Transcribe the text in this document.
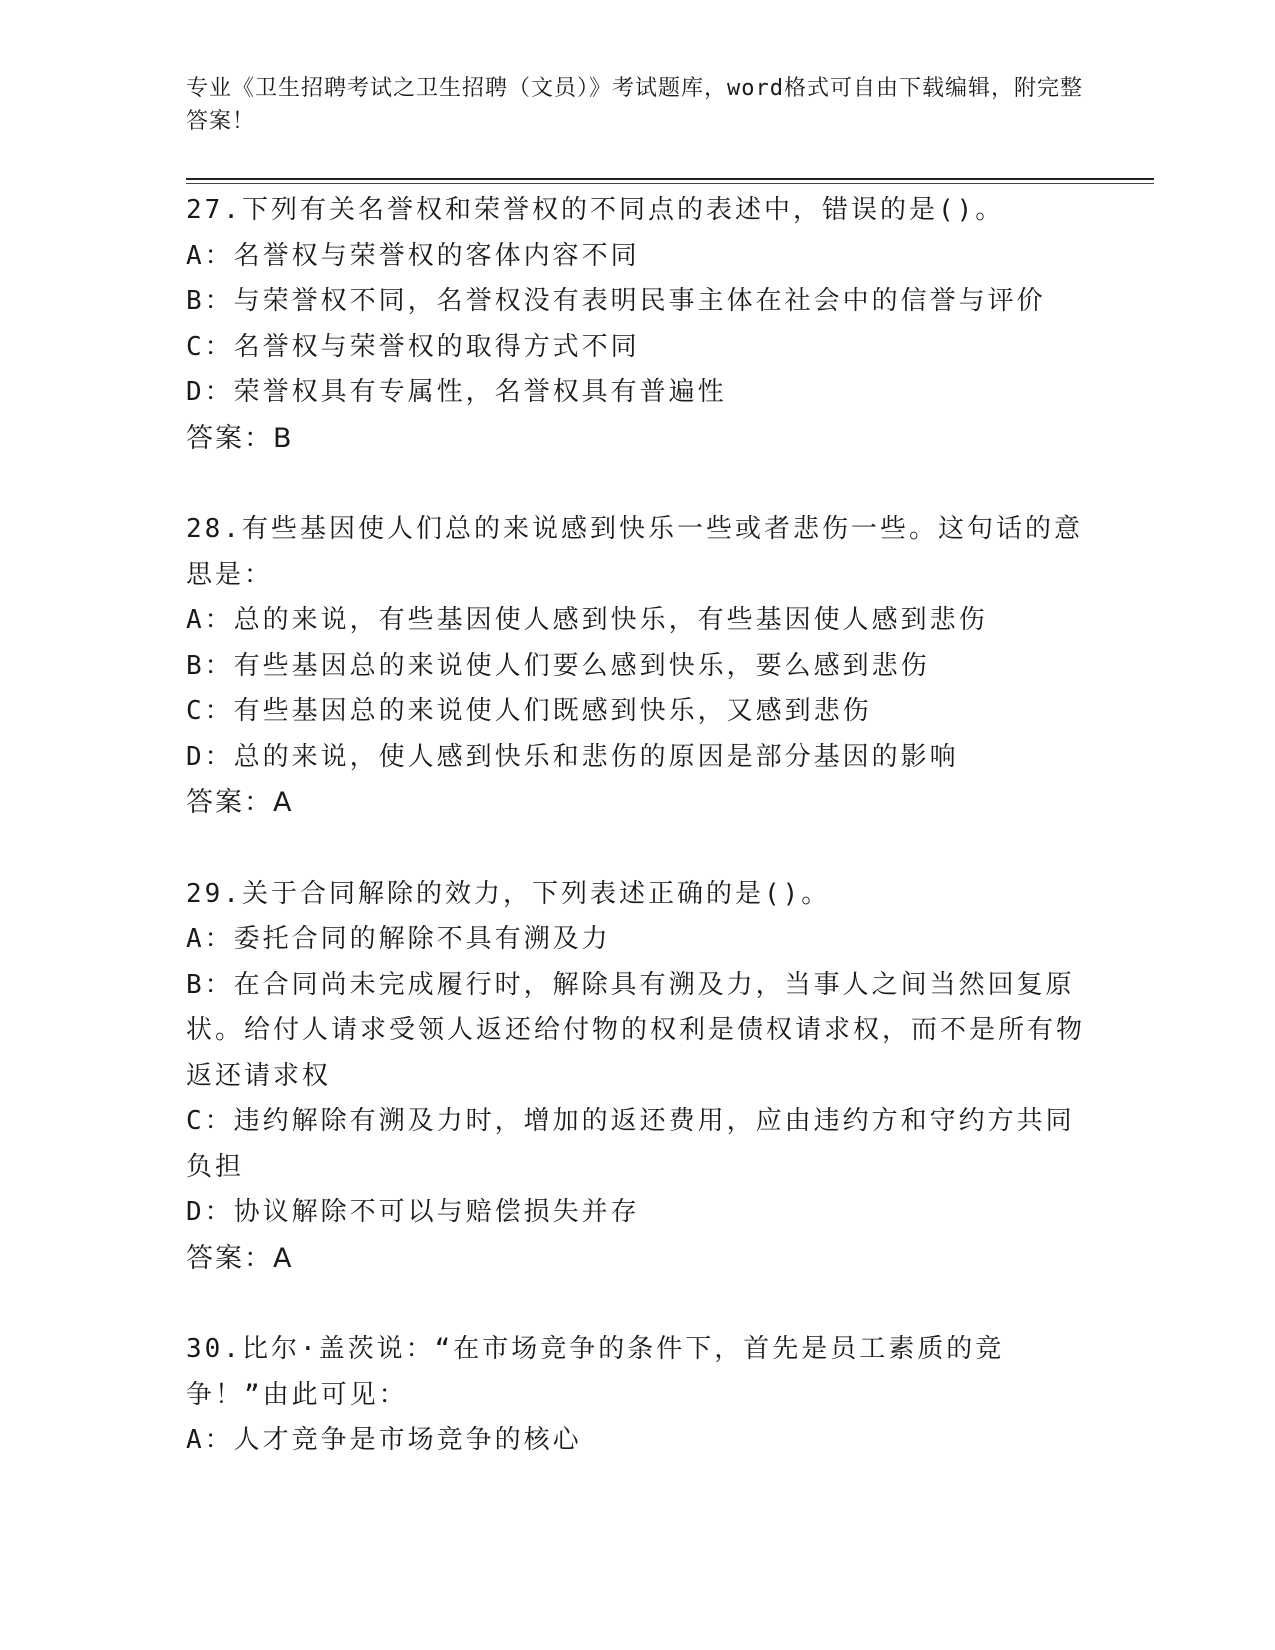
专业《卫生招聘考试之卫生招聘（文员）》考试题库，word格式可自由下载编辑，附完整答案！

27.下列有关名誉权和荣誉权的不同点的表述中，错误的是()。

A：名誉权与荣誉权的客体内容不同

B：与荣誉权不同，名誉权没有表明民事主体在社会中的信誉与评价

C：名誉权与荣誉权的取得方式不同

D：荣誉权具有专属性，名誉权具有普遍性

答案：B

28.有些基因使人们总的来说感到快乐一些或者悲伤一些。这句话的意思是：

A：总的来说，有些基因使人感到快乐，有些基因使人感到悲伤

B：有些基因总的来说使人们要么感到快乐，要么感到悲伤

C：有些基因总的来说使人们既感到快乐，又感到悲伤

D：总的来说，使人感到快乐和悲伤的原因是部分基因的影响

答案：A

29.关于合同解除的效力，下列表述正确的是()。

A：委托合同的解除不具有溯及力

B：在合同尚未完成履行时，解除具有溯及力，当事人之间当然回复原状。给付人请求受领人返还给付物的权利是债权请求权，而不是所有物返还请求权

C：违约解除有溯及力时，增加的返还费用，应由违约方和守约方共同负担

D：协议解除不可以与赔偿损失并存

答案：A

30.比尔·盖茨说：“在市场竞争的条件下，首先是员工素质的竞争！”由此可见：

A：人才竞争是市场竞争的核心
